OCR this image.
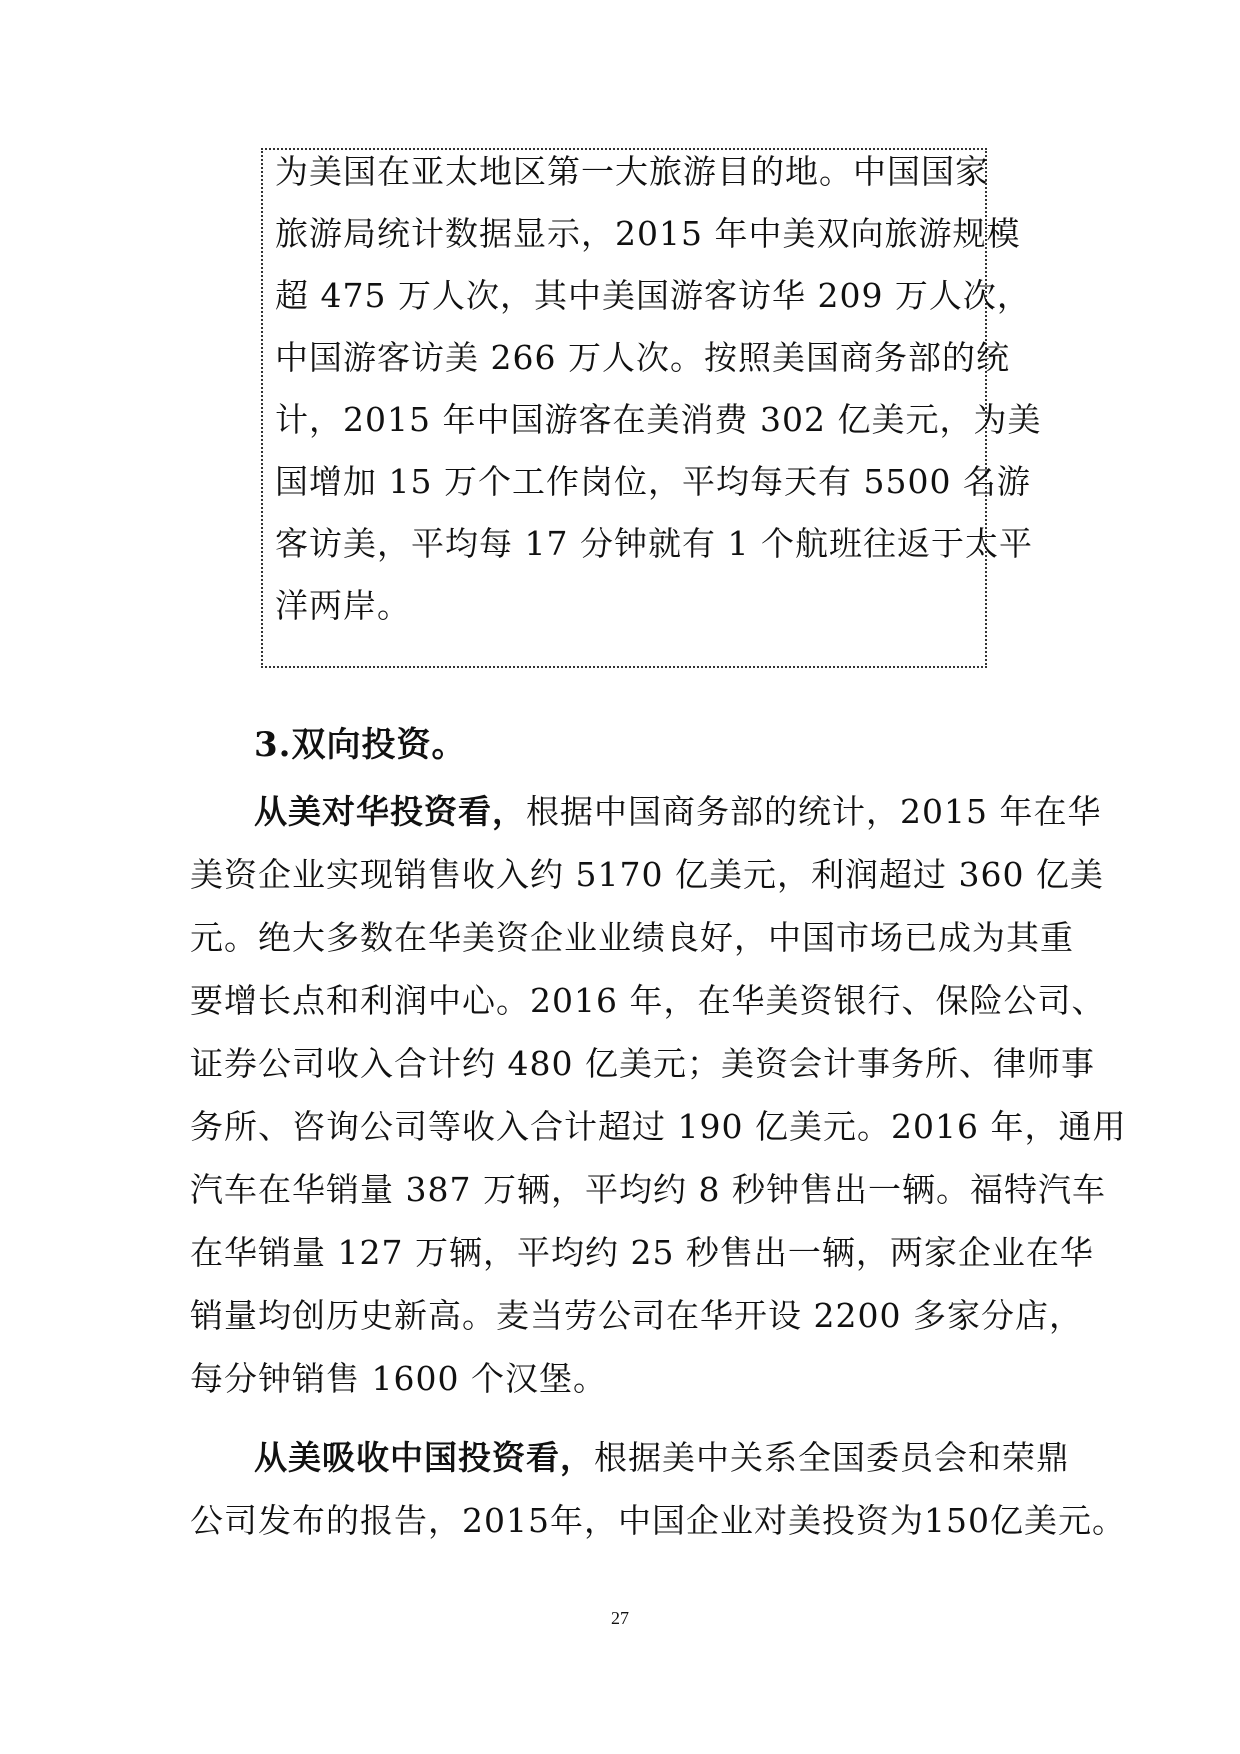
为美国在亚太地区第一大旅游目的地。中国国家
旅游局统计数据显示，2015 年中美双向旅游规模
超 475 万人次，其中美国游客访华 209 万人次，
中国游客访美 266 万人次。按照美国商务部的统
计，2015 年中国游客在美消费 302 亿美元，为美
国增加 15 万个工作岗位，平均每天有 5500 名游
客访美，平均每 17 分钟就有 1 个航班往返于太平
洋两岸。
3.双向投资。
从美对华投资看，根据中国商务部的统计，2015 年在华
美资企业实现销售收入约 5170 亿美元，利润超过 360 亿美
元。绝大多数在华美资企业业绩良好，中国市场已成为其重
要增长点和利润中心。2016 年，在华美资银行、保险公司、
证券公司收入合计约 480 亿美元；美资会计事务所、律师事
务所、咨询公司等收入合计超过 190 亿美元。2016 年，通用
汽车在华销量 387 万辆，平均约 8 秒钟售出一辆。福特汽车
在华销量 127 万辆，平均约 25 秒售出一辆，两家企业在华
销量均创历史新高。麦当劳公司在华开设 2200 多家分店，
每分钟销售 1600 个汉堡。
从美吸收中国投资看，根据美中关系全国委员会和荣鼎
公司发布的报告，2015年，中国企业对美投资为150亿美元。
27
